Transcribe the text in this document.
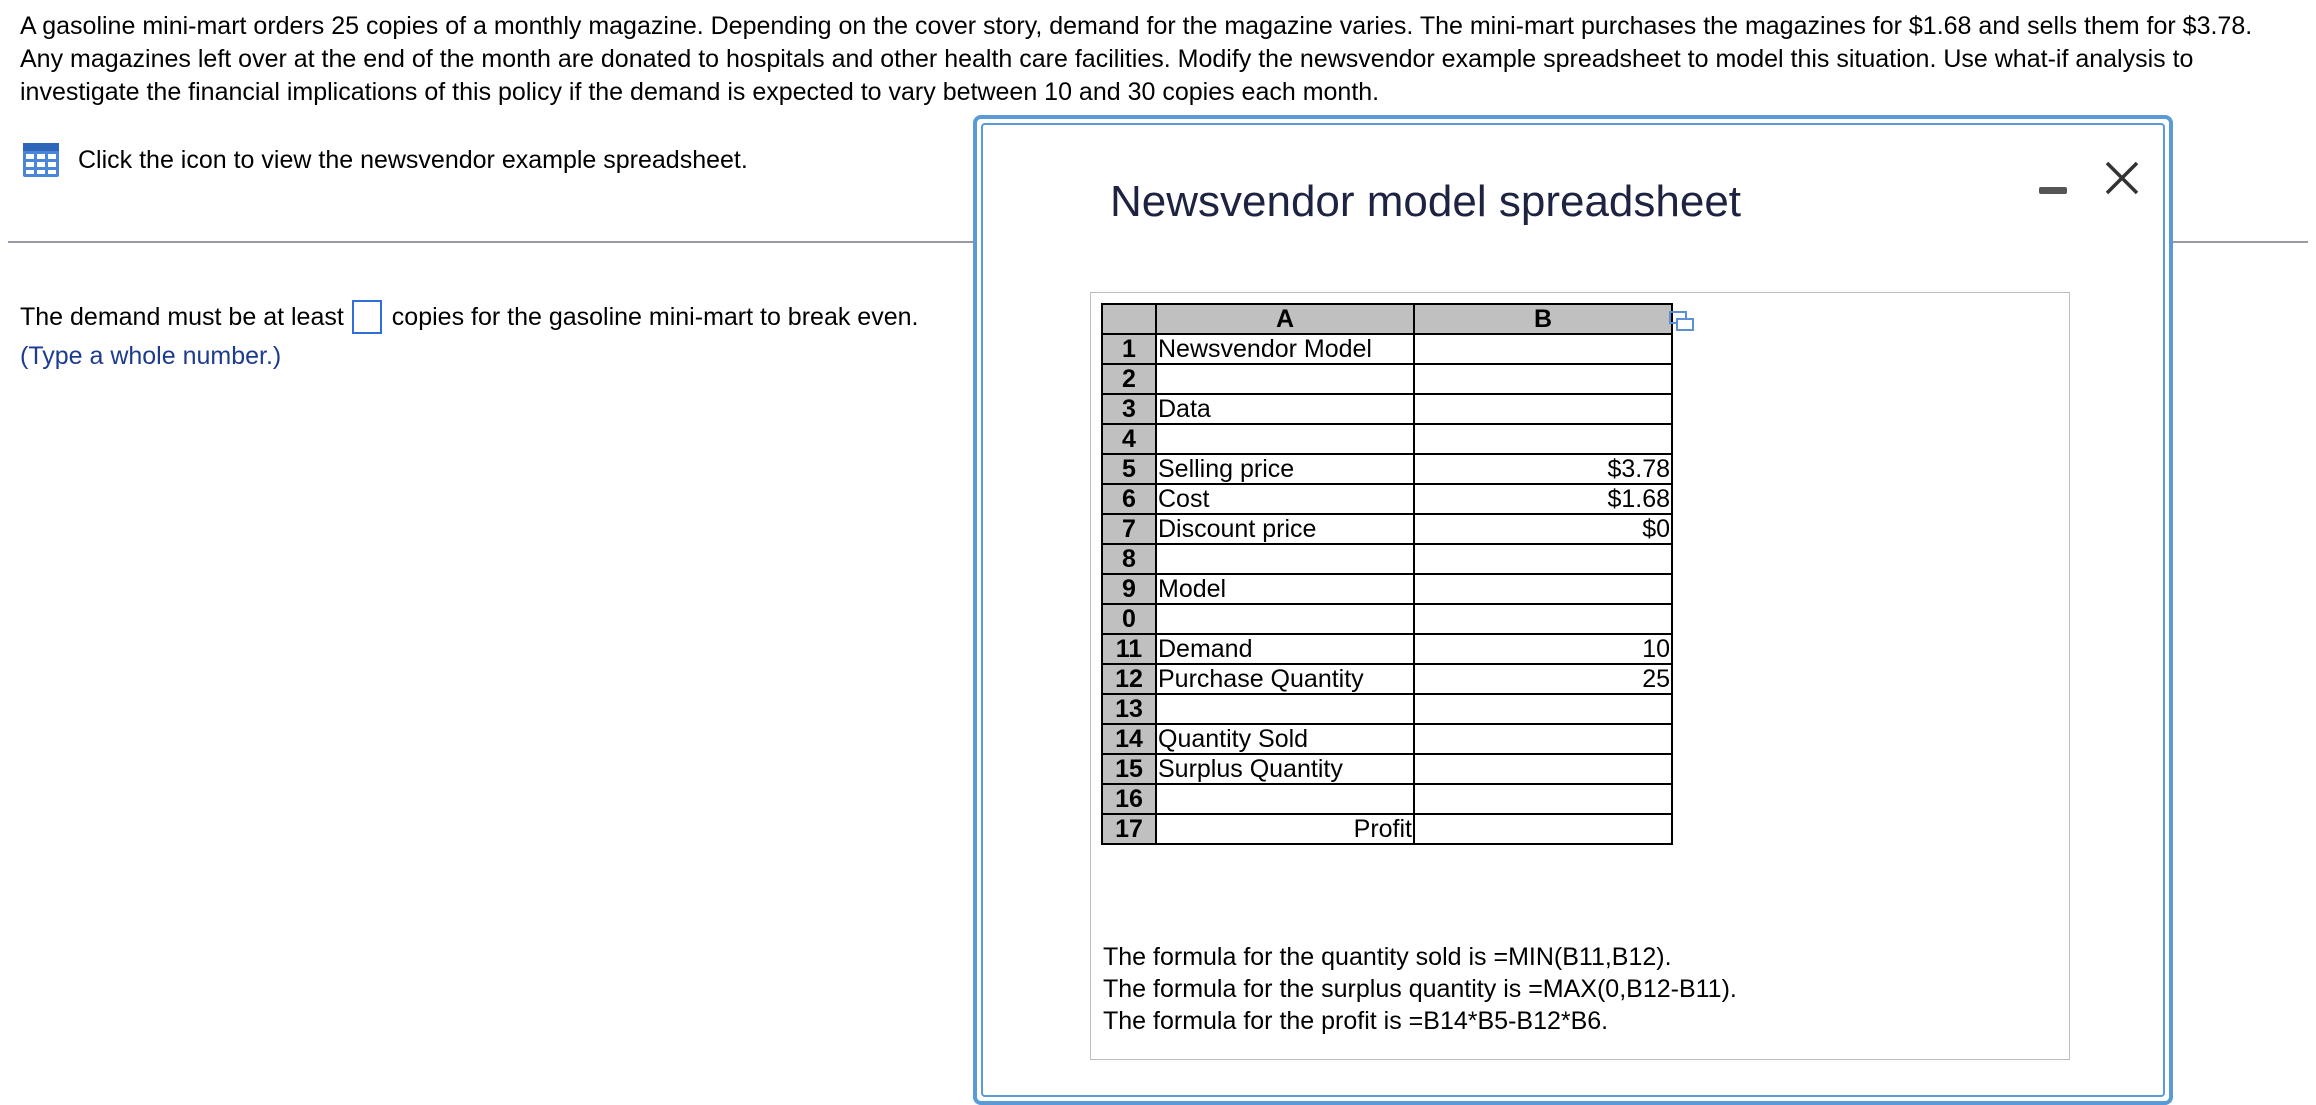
A gasoline mini-mart orders 25 copies of a monthly magazine. Depending on the cover story, demand for the magazine varies. The mini-mart purchases the magazines for $1.68 and sells them for $3.78. Any magazines left over at the end of the month are donated to hospitals and other health care facilities. Modify the newsvendor example spreadsheet to model this situation. Use what-if analysis to investigate the financial implications of this policy if the demand is expected to vary between 10 and 30 copies each month.

Click the icon to view the newsvendor example spreadsheet.
The demand must be at least copies for the gasoline mini-mart to break even.
(Type a whole number.)
Newsvendor model spreadsheet
	A	B
1	Newsvendor Model	
2		
3	Data	
4		
5	Selling price	$3.78
6	Cost	$1.68
7	Discount price	$0
8		
9	Model	
0		
11	Demand	10
12	Purchase Quantity	25
13		
14	Quantity Sold	
15	Surplus Quantity	
16		
17	Profit	
The formula for the quantity sold is =MIN(B11,B12).
The formula for the surplus quantity is =MAX(0,B12-B11).
The formula for the profit is =B14*B5-B12*B6.
